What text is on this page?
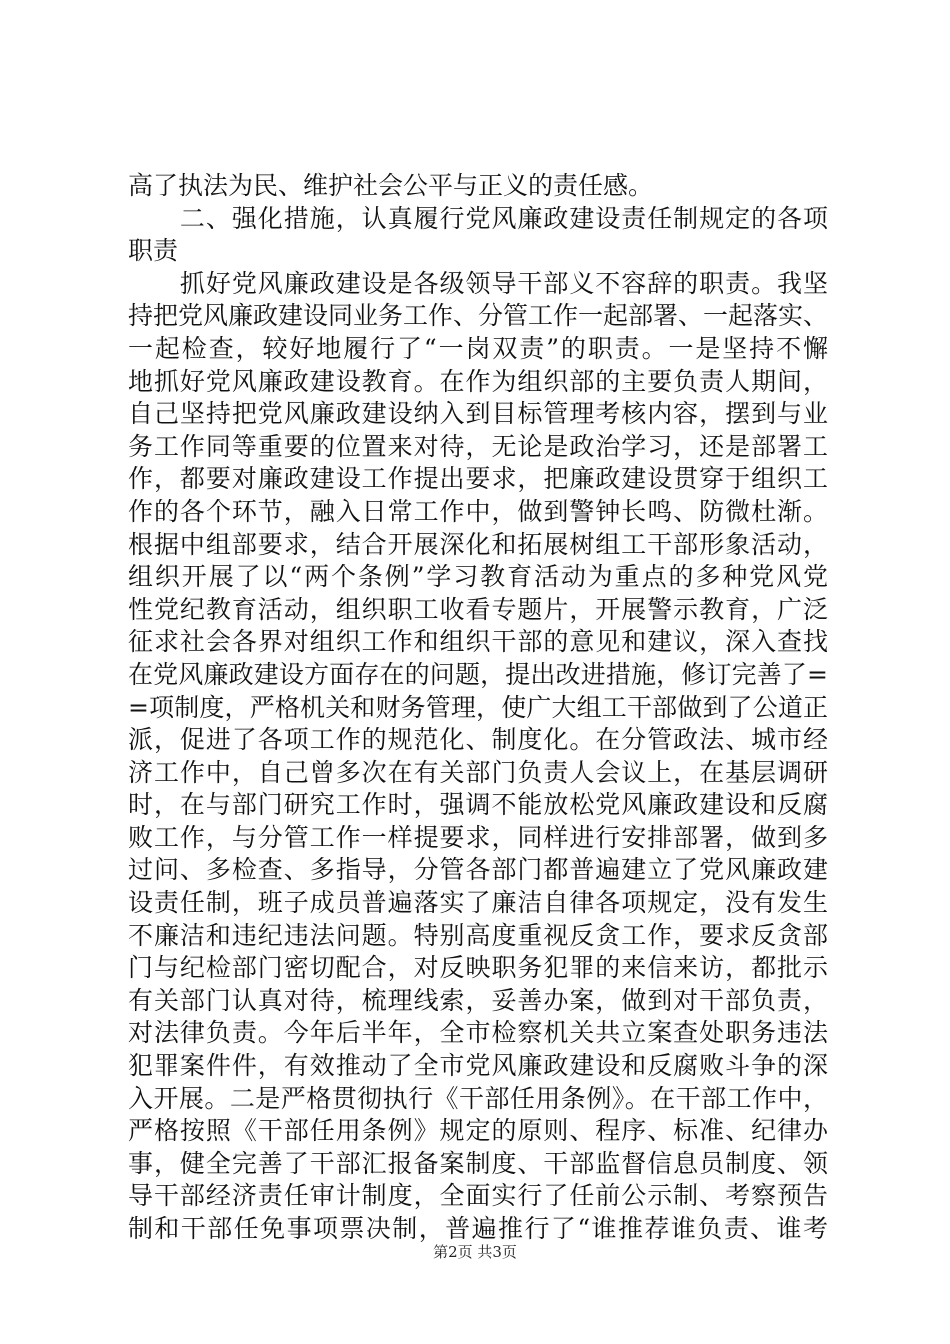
高了执法为民、维护社会公平与正义的责任感。
　　二、强化措施，认真履行党风廉政建设责任制规定的各项
职责
　　抓好党风廉政建设是各级领导干部义不容辞的职责。我坚
持把党风廉政建设同业务工作、分管工作一起部署、一起落实、
一起检查，较好地履行了“一岗双责”的职责。一是坚持不懈
地抓好党风廉政建设教育。在作为组织部的主要负责人期间，
自己坚持把党风廉政建设纳入到目标管理考核内容，摆到与业
务工作同等重要的位置来对待，无论是政治学习，还是部署工
作，都要对廉政建设工作提出要求，把廉政建设贯穿于组织工
作的各个环节，融入日常工作中，做到警钟长鸣、防微杜渐。
根据中组部要求，结合开展深化和拓展树组工干部形象活动，
组织开展了以“两个条例”学习教育活动为重点的多种党风党
性党纪教育活动，组织职工收看专题片，开展警示教育，广泛
征求社会各界对组织工作和组织干部的意见和建议，深入查找
在党风廉政建设方面存在的问题，提出改进措施，修订完善了=
=项制度，严格机关和财务管理，使广大组工干部做到了公道正
派，促进了各项工作的规范化、制度化。在分管政法、城市经
济工作中，自己曾多次在有关部门负责人会议上，在基层调研
时，在与部门研究工作时，强调不能放松党风廉政建设和反腐
败工作，与分管工作一样提要求，同样进行安排部署，做到多
过问、多检查、多指导，分管各部门都普遍建立了党风廉政建
设责任制，班子成员普遍落实了廉洁自律各项规定，没有发生
不廉洁和违纪违法问题。特别高度重视反贪工作，要求反贪部
门与纪检部门密切配合，对反映职务犯罪的来信来访，都批示
有关部门认真对待，梳理线索，妥善办案，做到对干部负责，
对法律负责。今年后半年，全市检察机关共立案查处职务违法
犯罪案件件，有效推动了全市党风廉政建设和反腐败斗争的深
入开展。二是严格贯彻执行《干部任用条例》。在干部工作中，
严格按照《干部任用条例》规定的原则、程序、标准、纪律办
事，健全完善了干部汇报备案制度、干部监督信息员制度、领
导干部经济责任审计制度，全面实行了任前公示制、考察预告
制和干部任免事项票决制，普遍推行了“谁推荐谁负责、谁考
第2页 共3页
